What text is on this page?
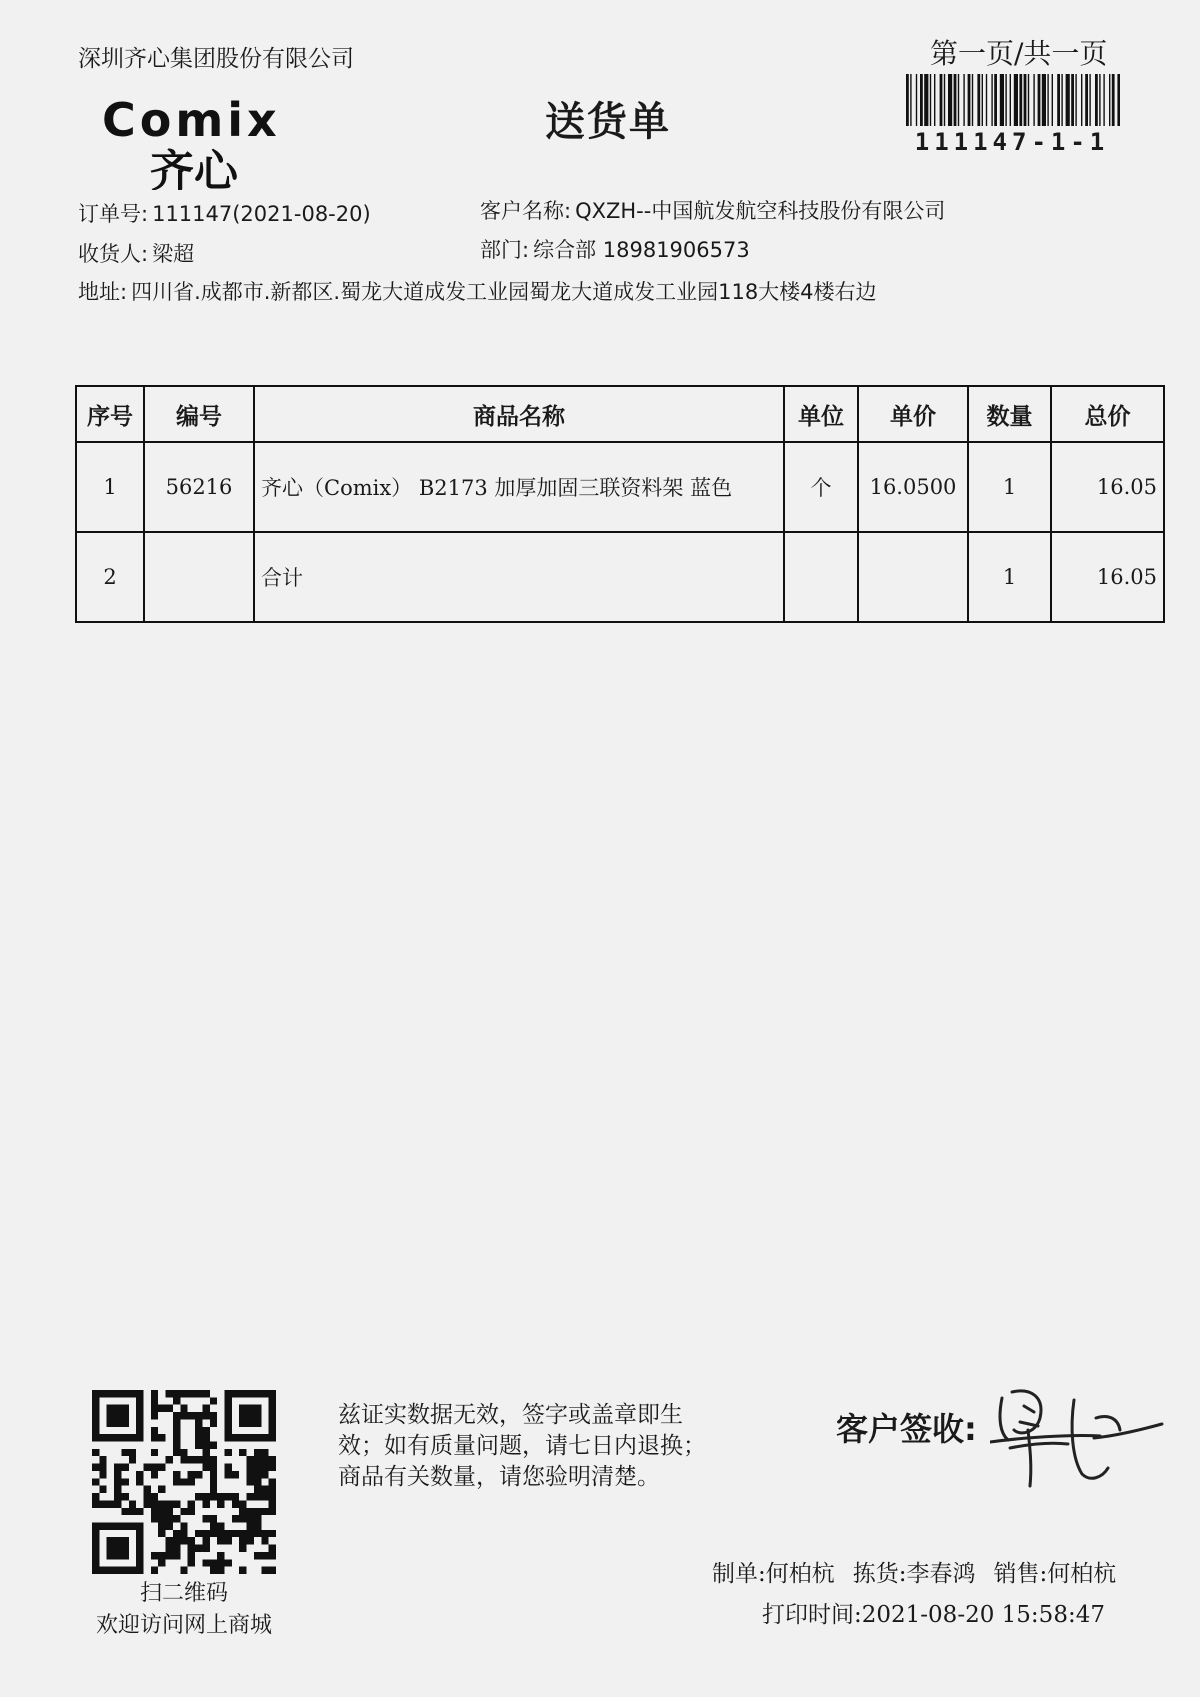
深圳齐心集团股份有限公司	第一页/共一页
Comix
齐心
送货单	111147-1-1
订单号: 111147(2021-08-20)	客户名称: QXZH--中国航发航空科技股份有限公司
收货人: 梁超	部门: 综合部 18981906573
地址: 四川省.成都市.新都区.蜀龙大道成发工业园蜀龙大道成发工业园118大楼4楼右边
序号	编号	商品名称	单位	单价	数量	总价
1	56216	齐心（Comix） B2173 加厚加固三联资料架 蓝色	个	16.0500	1	16.05
2		合计			1	16.05
扫二维码
欢迎访问网上商城
兹证实数据无效，签字或盖章即生
效；如有质量问题，请七日内退换；
商品有关数量，请您验明清楚。
客户签收:
制单:何柏杭 拣货:李春鸿 销售:何柏杭
打印时间:2021-08-20 15:58:47
